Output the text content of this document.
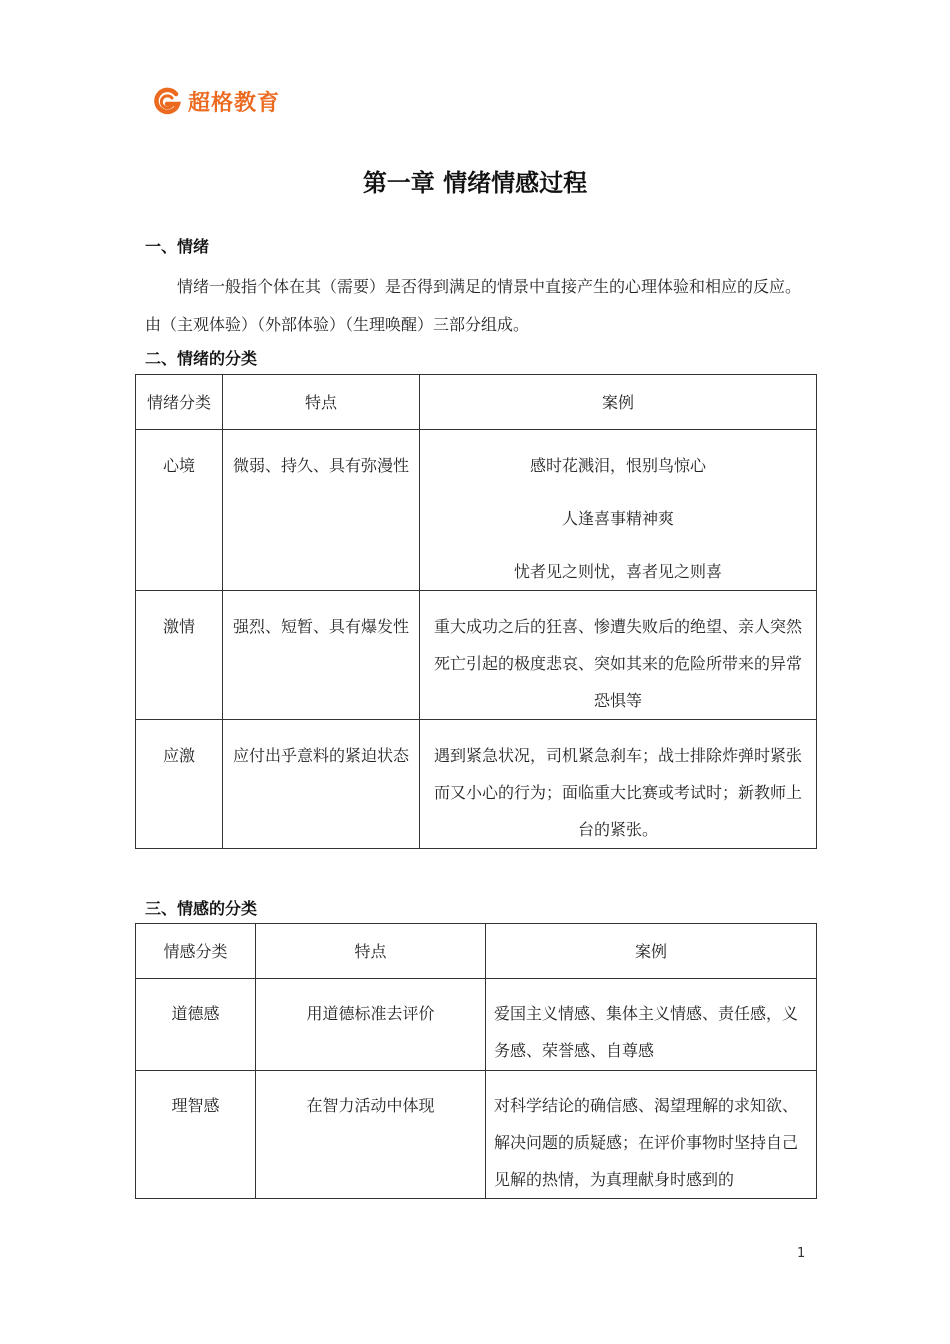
超格教育
第一章 情绪情感过程
一、情绪
情绪一般指个体在其（需要）是否得到满足的情景中直接产生的心理体验和相应的反应。由（主观体验）（外部体验）（生理唤醒）三部分组成。
二、情绪的分类
情绪分类	特点	案例
心境	微弱、持久、具有弥漫性	感时花溅泪，恨别鸟惊心
人逢喜事精神爽
忧者见之则忧，喜者见之则喜

激情	强烈、短暂、具有爆发性	重大成功之后的狂喜、惨遭失败后的绝望、亲人突然死亡引起的极度悲哀、突如其来的危险所带来的异常恐惧等
应激	应付出乎意料的紧迫状态	遇到紧急状况，司机紧急刹车；战士排除炸弹时紧张而又小心的行为；面临重大比赛或考试时；新教师上台的紧张。
三、情感的分类
情感分类	特点	案例
道德感	用道德标准去评价	爱国主义情感、集体主义情感、责任感，义务感、荣誉感、自尊感
理智感	在智力活动中体现	对科学结论的确信感、渴望理解的求知欲、解决问题的质疑感；在评价事物时坚持自己见解的热情，为真理献身时感到的
1
